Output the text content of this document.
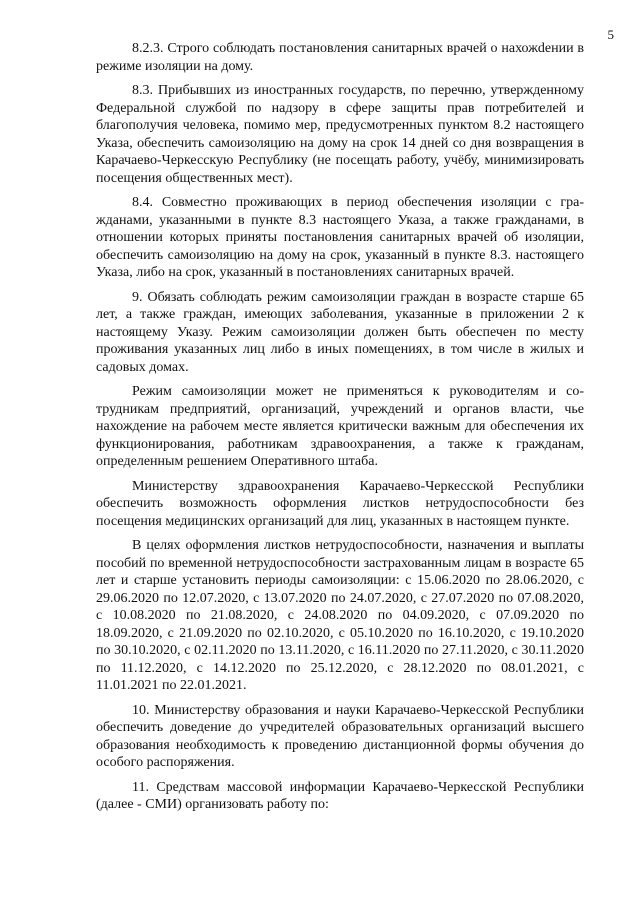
5

8.2.3. Строго соблюдать постановления санитарных врачей о нахожdении в режиме изоляции на дому.

8.3. Прибывших из иностранных государств, по перечню, утвержденному Федеральной службой по надзору в сфере защиты прав потребителей и благополучия человека, помимо мер, предусмотренных пунктом 8.2 настоящего Указа, обеспечить самоизоляцию на дому на срок 14 дней со дня возвращения в Карачаево-Черкесскую Республику (не посещать работу, учёбу, минимизировать посещения общественных мест).

8.4. Совместно проживающих в период обеспечения изоляции с гражданами, указанными в пункте 8.3 настоящего Указа, а также гражданами, в отношении которых приняты постановления санитарных врачей об изоляции, обеспечить самоизоляцию на дому на срок, указанный в пункте 8.3. настоящего Указа, либо на срок, указанный в постановлениях санитарных врачей.

9. Обязать соблюдать режим самоизоляции граждан в возрасте старше 65 лет, а также граждан, имеющих заболевания, указанные в приложении 2 к настоящему Указу. Режим самоизоляции должен быть обеспечен по месту проживания указанных лиц либо в иных помещениях, в том числе в жилых и садовых домах.

Режим самоизоляции может не применяться к руководителям и сотрудникам предприятий, организаций, учреждений и органов власти, чье нахождение на рабочем месте является критически важным для обеспечения их функционирования, работникам здравоохранения, а также к гражданам, определенным решением Оперативного штаба.

Министерству здравоохранения Карачаево-Черкесской Республики обеспечить возможность оформления листков нетрудоспособности без посещения медицинских организаций для лиц, указанных в настоящем пункте.

В целях оформления листков нетрудоспособности, назначения и выплаты пособий по временной нетрудоспособности застрахованным лицам в возрасте 65 лет и старше установить периоды самоизоляции: с 15.06.2020 по 28.06.2020, с 29.06.2020 по 12.07.2020, с 13.07.2020 по 24.07.2020, с 27.07.2020 по 07.08.2020, с 10.08.2020 по 21.08.2020, с 24.08.2020 по 04.09.2020, с 07.09.2020 по 18.09.2020, с 21.09.2020 по 02.10.2020, с 05.10.2020 по 16.10.2020, с 19.10.2020 по 30.10.2020, с 02.11.2020 по 13.11.2020, с 16.11.2020 по 27.11.2020, с 30.11.2020 по 11.12.2020, с 14.12.2020 по 25.12.2020, с 28.12.2020 по 08.01.2021, с 11.01.2021 по 22.01.2021.

10. Министерству образования и науки Карачаево-Черкесской Республики обеспечить доведение до учредителей образовательных организаций высшего образования необходимость к проведению дистанционной формы обучения до особого распоряжения.

11. Средствам массовой информации Карачаево-Черкесской Республики (далее - СМИ) организовать работу по:
